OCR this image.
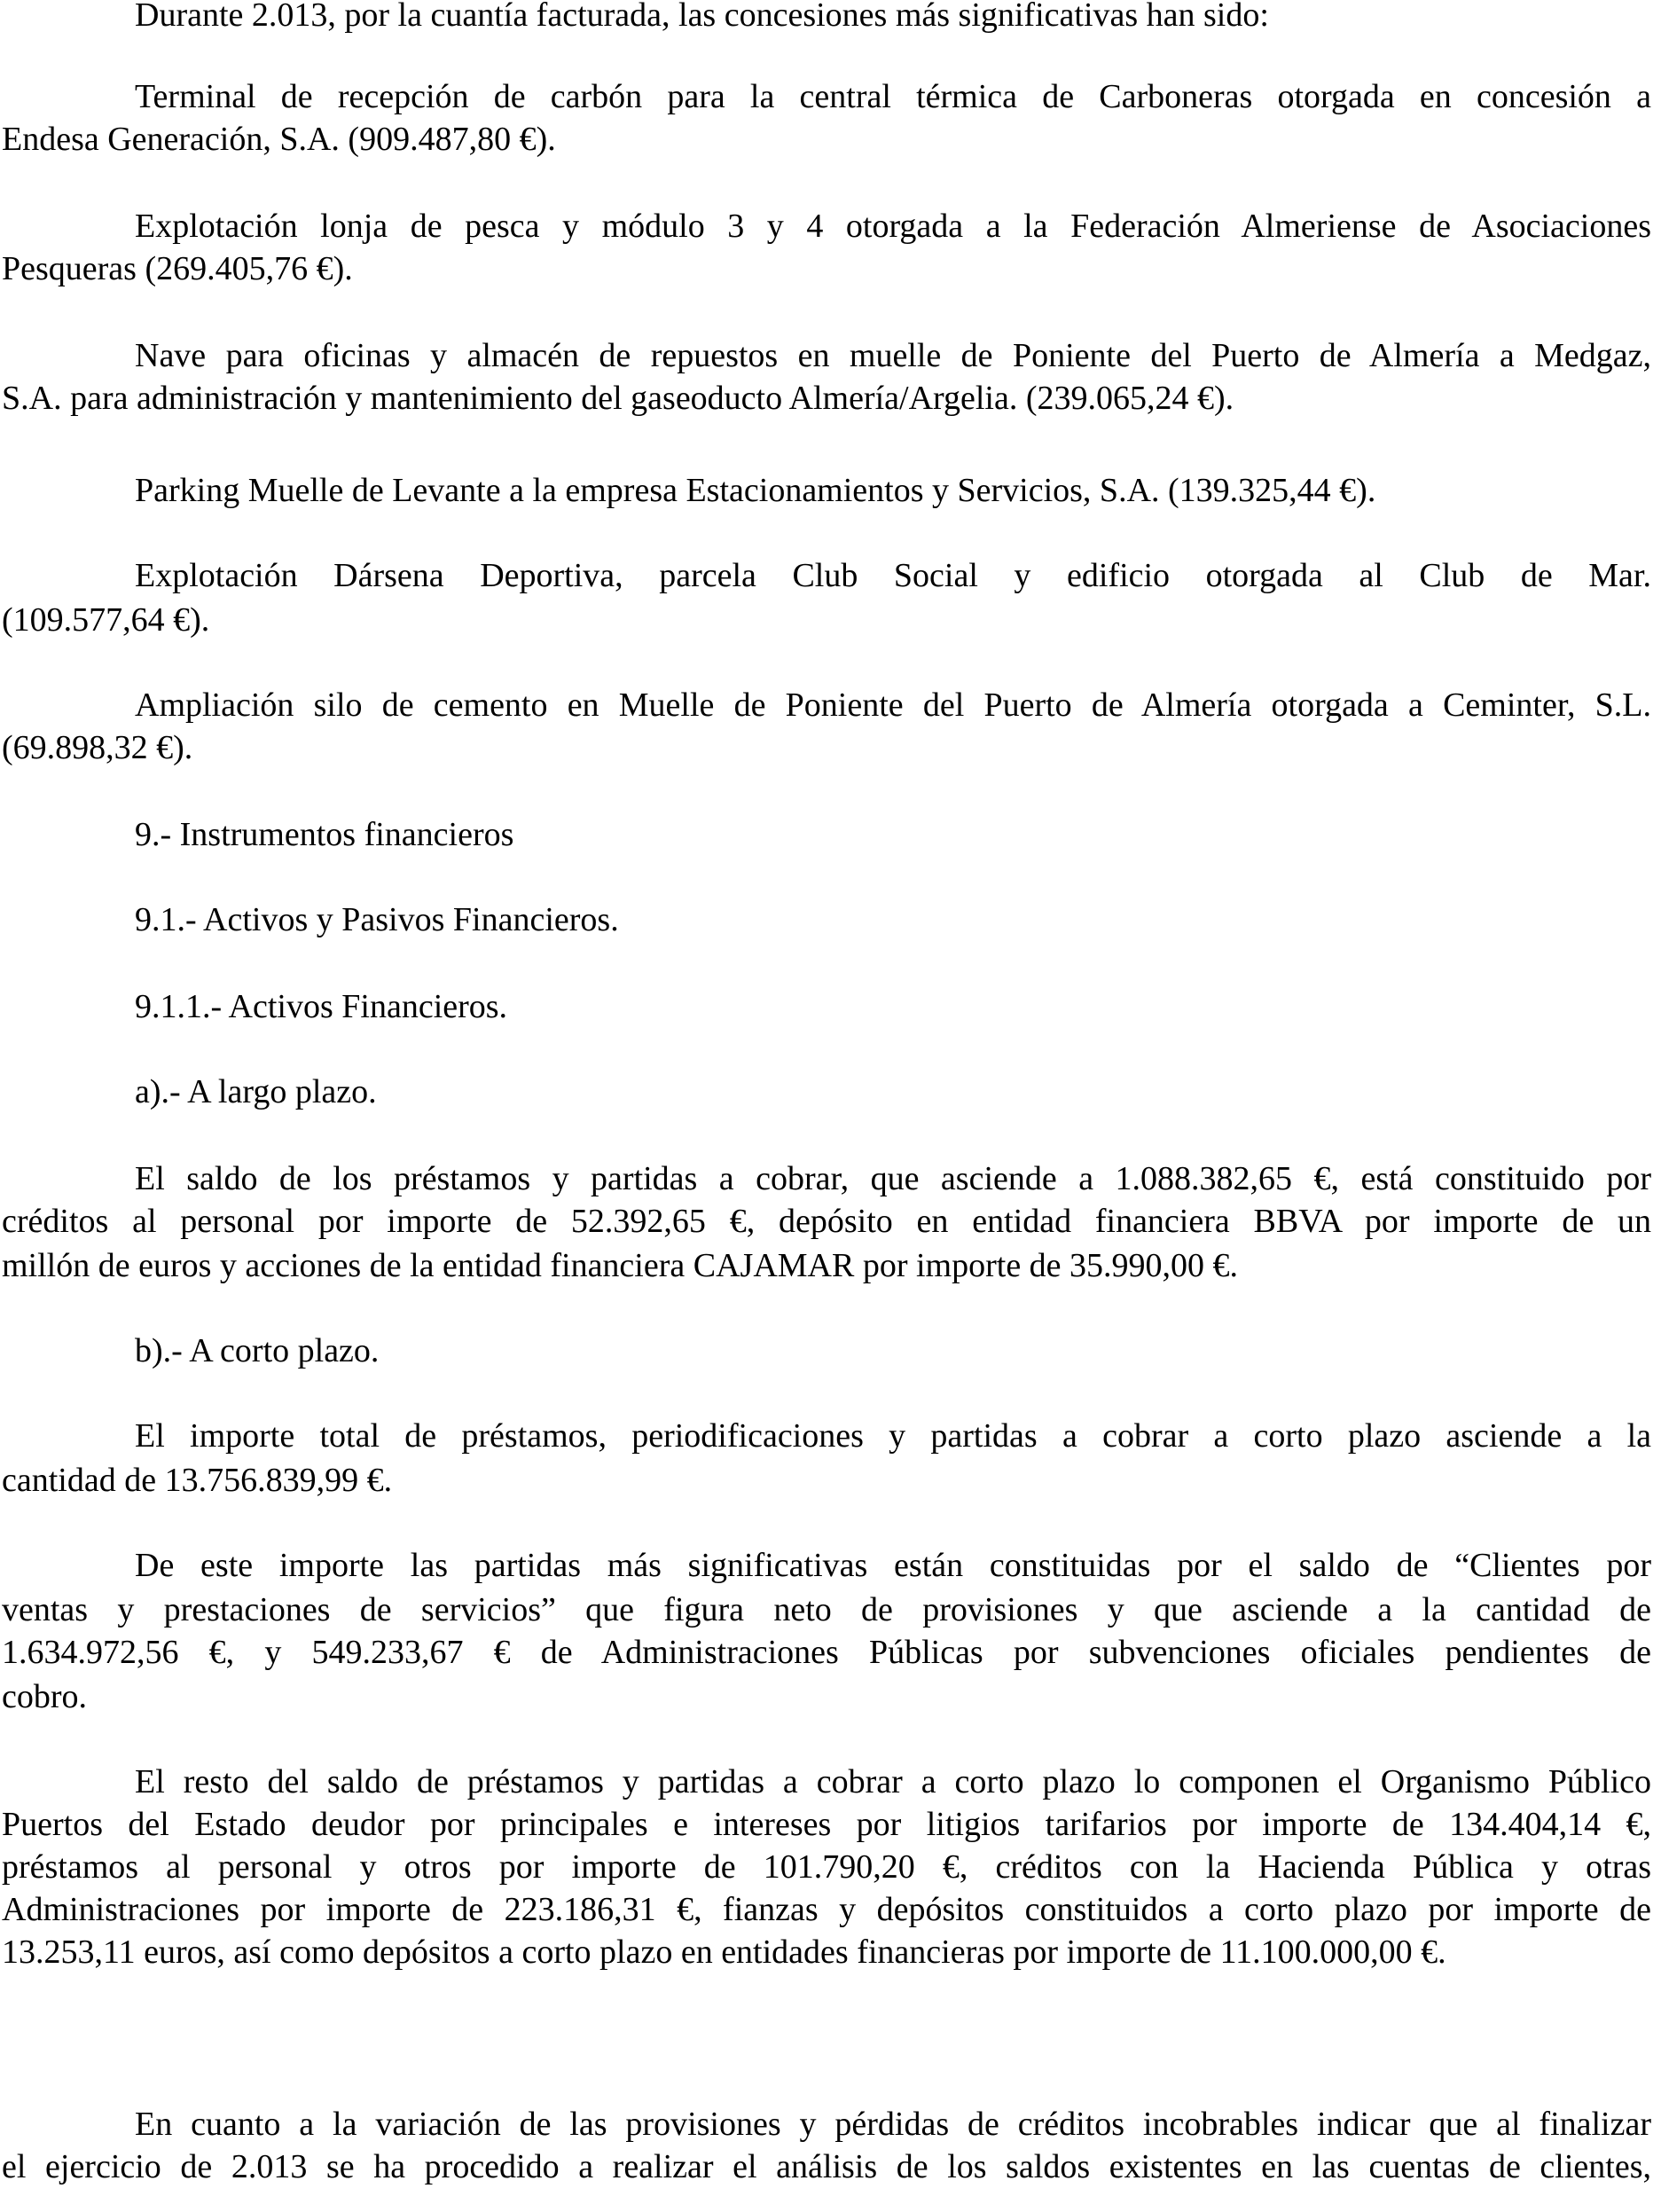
Durante 2.013, por la cuantía facturada, las concesiones más significativas han sido:
Terminal de recepción de carbón para la central térmica de Carboneras otorgada en concesión a
Endesa Generación, S.A. (909.487,80 €).
Explotación lonja de pesca y módulo 3 y 4 otorgada a la Federación Almeriense de Asociaciones
Pesqueras (269.405,76 €).
Nave para oficinas y almacén de repuestos en muelle de Poniente del Puerto de Almería a Medgaz,
S.A. para administración y mantenimiento del gaseoducto Almería/Argelia. (239.065,24 €).
Parking Muelle de Levante a la empresa Estacionamientos y Servicios, S.A. (139.325,44 €).
Explotación Dársena Deportiva, parcela Club Social y edificio otorgada al Club de Mar.
(109.577,64 €).
Ampliación silo de cemento en Muelle de Poniente del Puerto de Almería otorgada a Ceminter, S.L.
(69.898,32 €).
9.- Instrumentos financieros
9.1.- Activos y Pasivos Financieros.
9.1.1.- Activos Financieros.
a).- A largo plazo.
El saldo de los préstamos y partidas a cobrar, que asciende a 1.088.382,65 €, está constituido por
créditos al personal por importe de 52.392,65 €, depósito en entidad financiera BBVA por importe de un
millón de euros y acciones de la entidad financiera CAJAMAR por importe de 35.990,00 €.
b).- A corto plazo.
El importe total de préstamos, periodificaciones y partidas a cobrar a corto plazo asciende a la
cantidad de 13.756.839,99 €.
De este importe las partidas más significativas están constituidas por el saldo de “Clientes por
ventas y prestaciones de servicios” que figura neto de provisiones y que asciende a la cantidad de
1.634.972,56 €, y 549.233,67 € de Administraciones Públicas por subvenciones oficiales pendientes de
cobro.
El resto del saldo de préstamos y partidas a cobrar a corto plazo lo componen el Organismo Público
Puertos del Estado deudor por principales e intereses por litigios tarifarios por importe de 134.404,14 €,
préstamos al personal y otros por importe de 101.790,20 €, créditos con la Hacienda Pública y otras
Administraciones por importe de 223.186,31 €, fianzas y depósitos constituidos a corto plazo por importe de
13.253,11 euros, así como depósitos a corto plazo en entidades financieras por importe de 11.100.000,00 €.
En cuanto a la variación de las provisiones y pérdidas de créditos incobrables indicar que al finalizar
el ejercicio de 2.013 se ha procedido a realizar el análisis de los saldos existentes en las cuentas de clientes,
